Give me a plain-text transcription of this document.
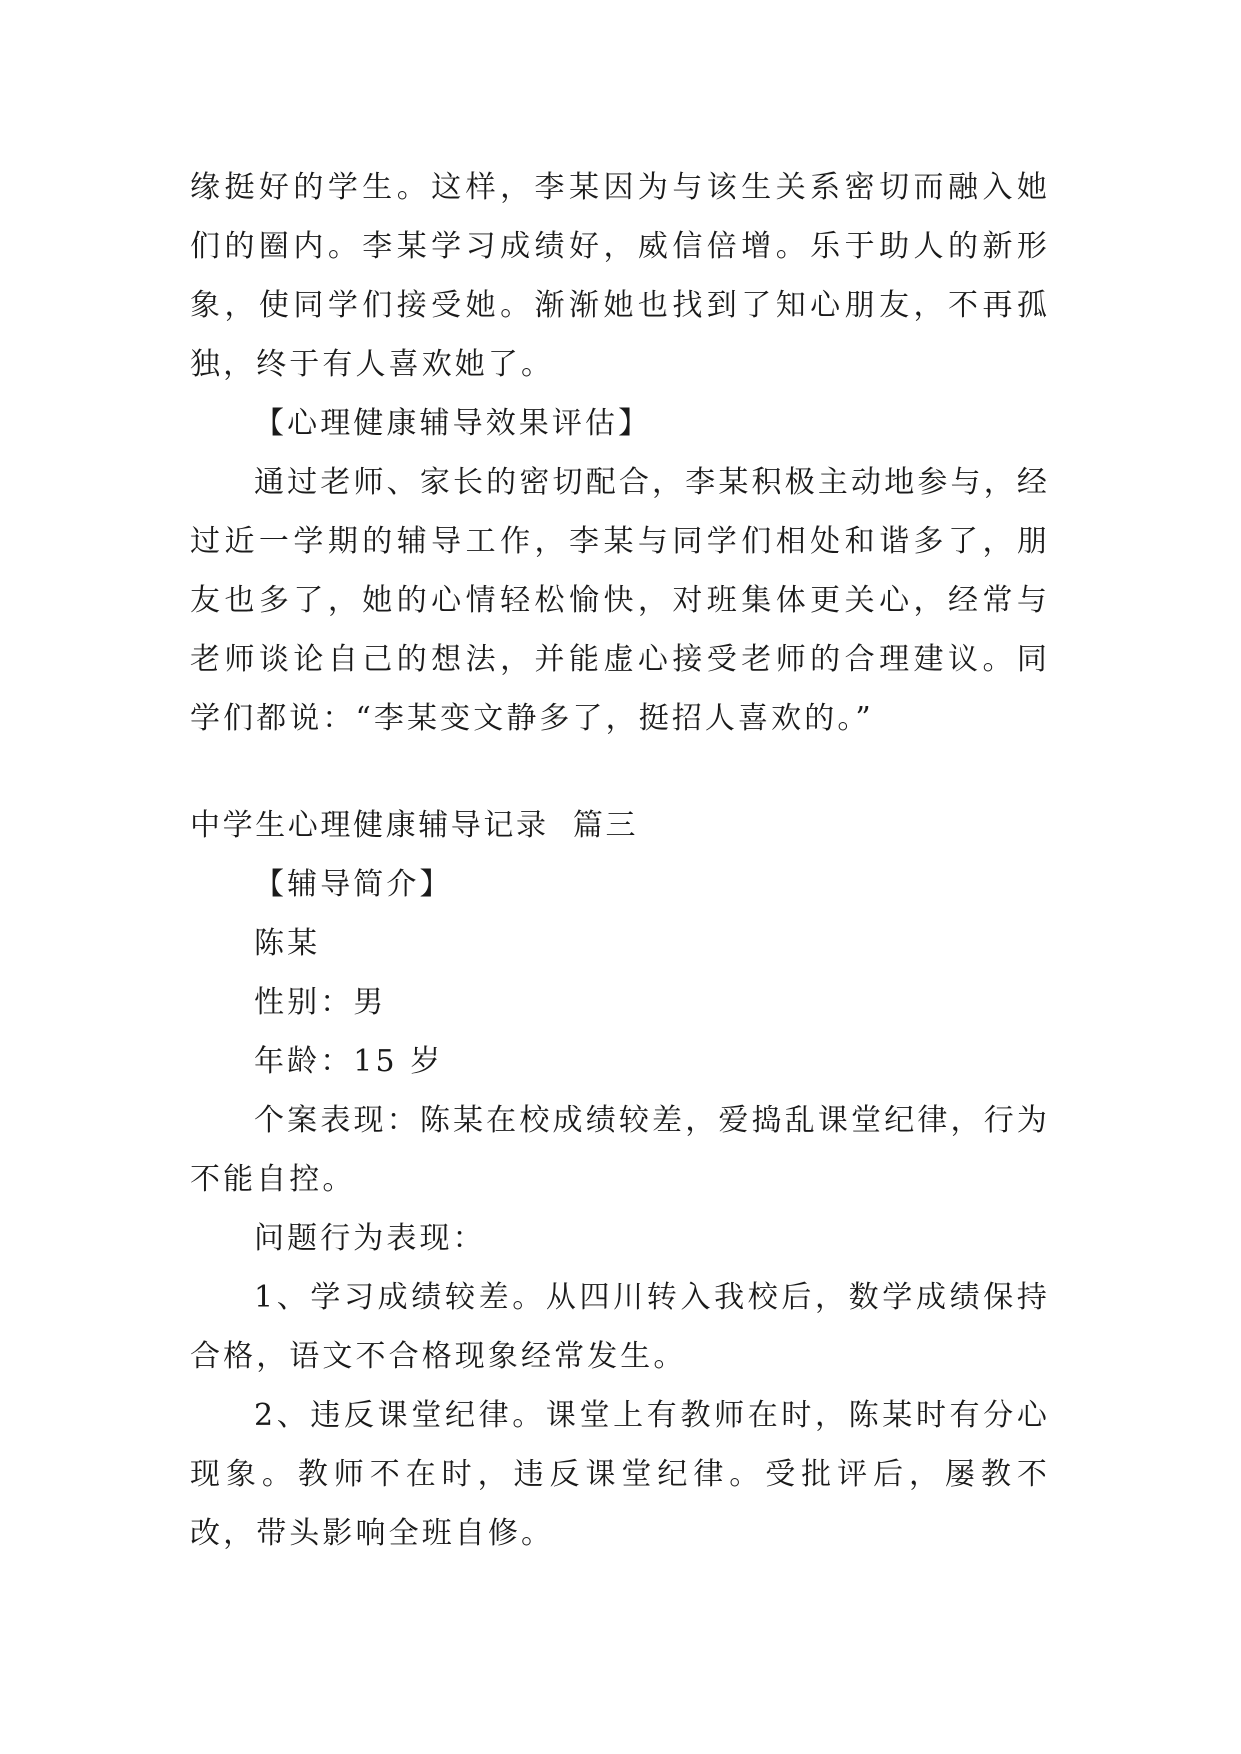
缘挺好的学生。这样，李某因为与该生关系密切而融入她们的圈内。李某学习成绩好，威信倍增。乐于助人的新形象，使同学们接受她。渐渐她也找到了知心朋友，不再孤独，终于有人喜欢她了。

【心理健康辅导效果评估】

通过老师、家长的密切配合，李某积极主动地参与，经过近一学期的辅导工作，李某与同学们相处和谐多了，朋友也多了，她的心情轻松愉快，对班集体更关心，经常与老师谈论自己的想法，并能虚心接受老师的合理建议。同学们都说：“李某变文静多了，挺招人喜欢的。”

中学生心理健康辅导记录  篇三

【辅导简介】

陈某

性别：男

年龄：15 岁

个案表现：陈某在校成绩较差，爱捣乱课堂纪律，行为不能自控。

问题行为表现：

1、学习成绩较差。从四川转入我校后，数学成绩保持合格，语文不合格现象经常发生。

2、违反课堂纪律。课堂上有教师在时，陈某时有分心现象。教师不在时，违反课堂纪律。受批评后，屡教不改，带头影响全班自修。
